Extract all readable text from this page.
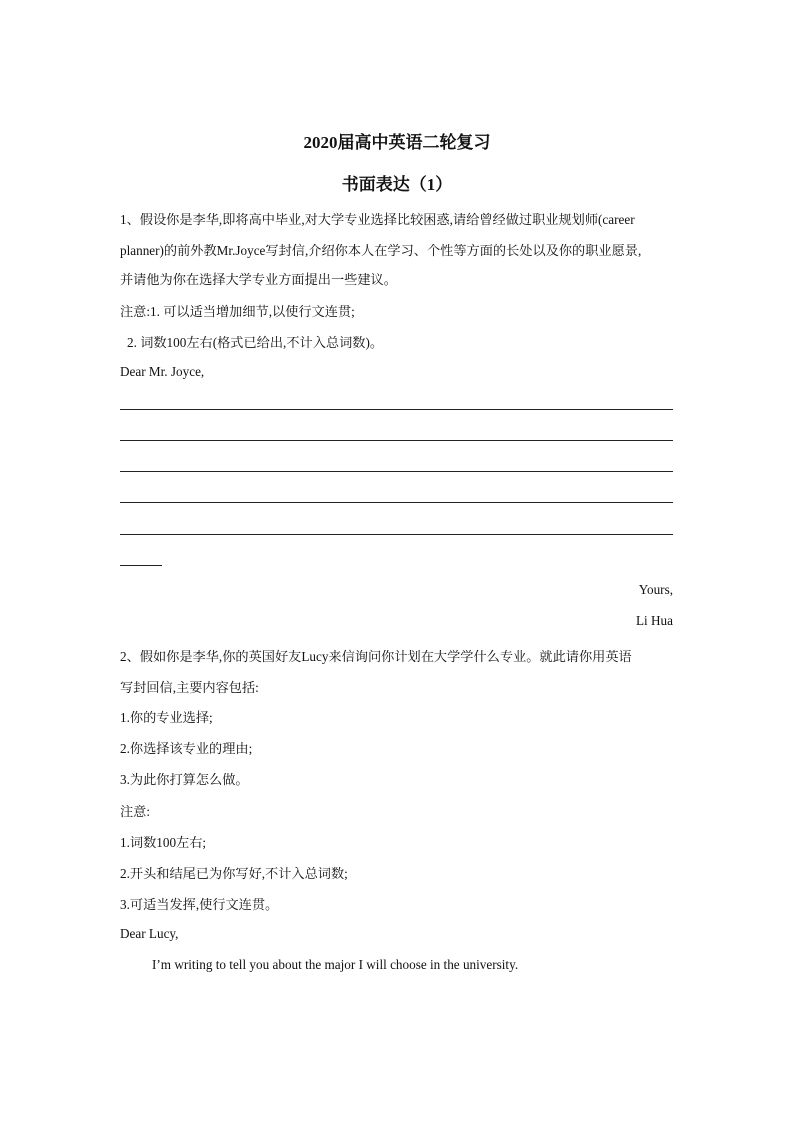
2020届高中英语二轮复习
书面表达（1）
1、假设你是李华,即将高中毕业,对大学专业选择比较困惑,请给曾经做过职业规划师(career
planner)的前外教Mr.Joyce写封信,介绍你本人在学习、个性等方面的长处以及你的职业愿景,
并请他为你在选择大学专业方面提出一些建议。
注意:1. 可以适当增加细节,以使行文连贯;
2. 词数100左右(格式已给出,不计入总词数)。
Dear Mr. Joyce,
Yours,
Li Hua
2、假如你是李华,你的英国好友Lucy来信询问你计划在大学学什么专业。就此请你用英语
写封回信,主要内容包括:
1.你的专业选择;
2.你选择该专业的理由;
3.为此你打算怎么做。
注意:
1.词数100左右;
2.开头和结尾已为你写好,不计入总词数;
3.可适当发挥,使行文连贯。
Dear Lucy,
I’m writing to tell you about the major I will choose in the university.
